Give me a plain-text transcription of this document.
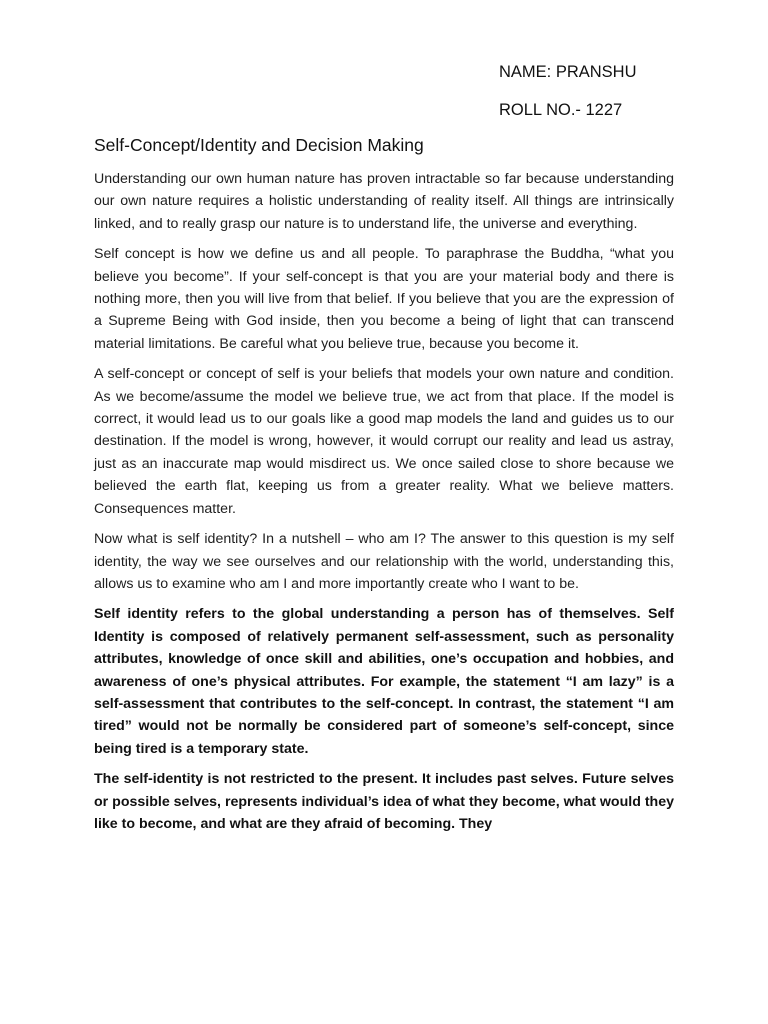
NAME: PRANSHU
ROLL NO.- 1227
Self-Concept/Identity and Decision Making

Understanding our own human nature has proven intractable so far because understanding our own nature requires a holistic understanding of reality itself. All things are intrinsically linked, and to really grasp our nature is to understand life, the universe and everything.

Self concept is how we define us and all people. To paraphrase the Buddha, “what you believe you become”. If your self-concept is that you are your material body and there is nothing more, then you will live from that belief. If you believe that you are the expression of a Supreme Being with God inside, then you become a being of light that can transcend material limitations. Be careful what you believe true, because you become it.

A self-concept or concept of self is your beliefs that models your own nature and condition. As we become/assume the model we believe true, we act from that place. If the model is correct, it would lead us to our goals like a good map models the land and guides us to our destination. If the model is wrong, however, it would corrupt our reality and lead us astray, just as an inaccurate map would misdirect us. We once sailed close to shore because we believed the earth flat, keeping us from a greater reality. What we believe matters. Consequences matter.

Now what is self identity? In a nutshell – who am I? The answer to this question is my self identity, the way we see ourselves and our relationship with the world, understanding this, allows us to examine who am I and more importantly create who I want to be.

Self identity refers to the global understanding a person has of themselves. Self Identity is composed of relatively permanent self-assessment, such as personality attributes, knowledge of once skill and abilities, one’s occupation and hobbies, and awareness of one’s physical attributes. For example, the statement “I am lazy” is a self-assessment that contributes to the self-concept. In contrast, the statement “I am tired” would not be normally be considered part of someone’s self-concept, since being tired is a temporary state.

The self-identity is not restricted to the present. It includes past selves. Future selves or possible selves, represents individual’s idea of what they become, what would they like to become, and what are they afraid of becoming. They
